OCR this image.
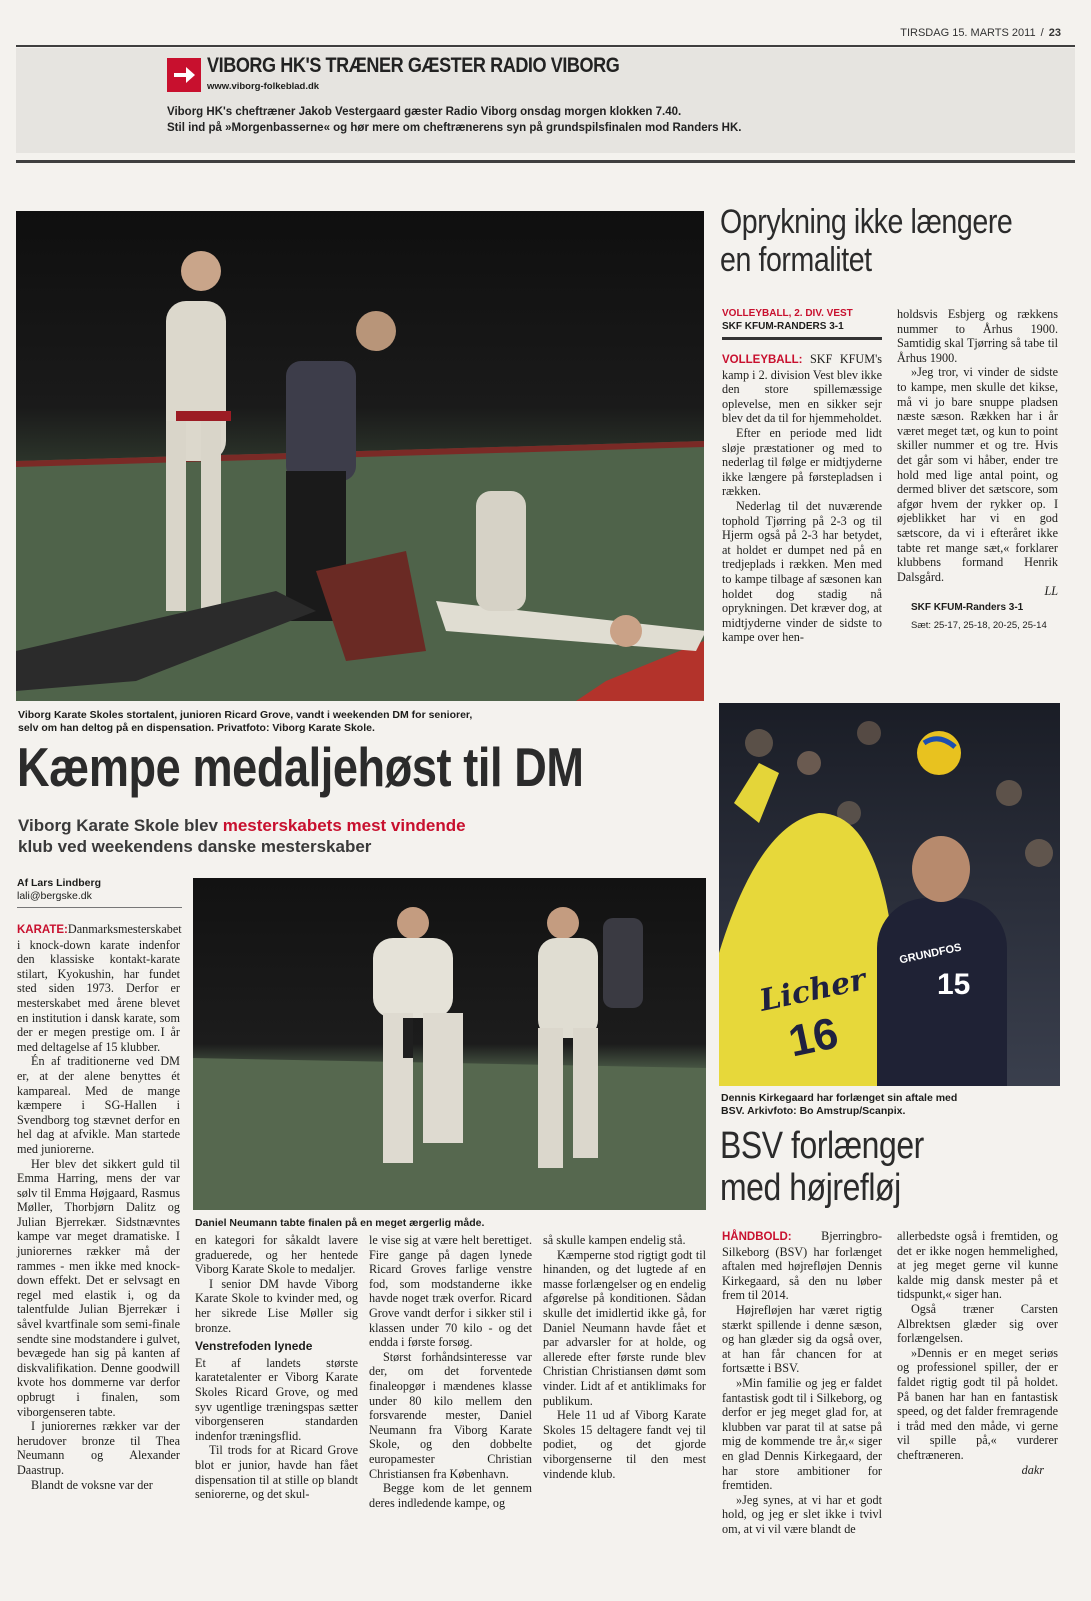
TIRSDAG 15. MARTS 2011 / 23
VIBORG HK'S TRÆNER GÆSTER RADIO VIBORG
www.viborg-folkeblad.dk
Viborg HK's cheftræner Jakob Vestergaard gæster Radio Viborg onsdag morgen klokken 7.40.
Stil ind på »Morgenbasserne« og hør mere om cheftrænerens syn på grundspilsfinalen mod Randers HK.
Viborg Karate Skoles stortalent, junioren Ricard Grove, vandt i weekenden DM for seniorer,
selv om han deltog på en dispensation. Privatfoto: Viborg Karate Skole.
Kæmpe medaljehøst til DM
Viborg Karate Skole blev mesterskabets mest vindende
klub ved weekendens danske mesterskaber
Af Lars Lindberg
lali@bergske.dk

KARATE:Danmarksmesterskabet i knock-down karate indenfor den klassiske kontakt-karate stilart, Kyokushin, har fundet sted siden 1973. Derfor er mesterskabet med årene blevet en institution i dansk karate, som der er megen prestige om. I år med deltagelse af 15 klubber.

Én af traditionerne ved DM er, at der alene benyttes ét kampareal. Med de mange kæmpere i SG-Hallen i Svendborg tog stævnet derfor en hel dag at afvikle. Man startede med juniorerne.

Her blev det sikkert guld til Emma Harring, mens der var sølv til Emma Højgaard, Rasmus Møller, Thorbjørn Dalitz og Julian Bjerrekær. Sidstnævntes kampe var meget dramatiske. I juniorernes rækker må der rammes - men ikke med knock-down effekt. Det er selvsagt en regel med elastik i, og da talentfulde Julian Bjerrekær i såvel kvartfinale som semi-finale sendte sine modstandere i gulvet, bevægede han sig på kanten af diskvalifikation. Denne goodwill kvote hos dommerne var derfor opbrugt i finalen, som viborgenseren tabte.

I juniorernes rækker var der herudover bronze til Thea Neumann og Alexander Daastrup.

Blandt de voksne var der

Daniel Neumann tabte finalen på en meget ærgerlig måde.

en kategori for såkaldt lavere graduerede, og her hentede Viborg Karate Skole to medaljer.

I senior DM havde Viborg Karate Skole to kvinder med, og her sikrede Lise Møller sig bronze.

Venstrefoden lynede

Et af landets største karatetalenter er Viborg Karate Skoles Ricard Grove, og med syv ugentlige træningspas sætter viborgenseren standarden indenfor træningsflid.

Til trods for at Ricard Grove blot er junior, havde han fået dispensation til at stille op blandt seniorerne, og det skul-

le vise sig at være helt berettiget. Fire gange på dagen lynede Ricard Groves farlige venstre fod, som modstanderne ikke havde noget træk overfor. Ricard Grove vandt derfor i sikker stil i klassen under 70 kilo - og det endda i første forsøg.

Størst forhåndsinteresse var der, om det forventede finaleopgør i mændenes klasse under 80 kilo mellem den forsvarende mester, Daniel Neumann fra Viborg Karate Skole, og den dobbelte europamester Christian Christiansen fra København.

Begge kom de let gennem deres indledende kampe, og

så skulle kampen endelig stå.

Kæmperne stod rigtigt godt til hinanden, og det lugtede af en masse forlængelser og en endelig afgørelse på konditionen. Sådan skulle det imidlertid ikke gå, for Daniel Neumann havde fået et par advarsler for at holde, og allerede efter første runde blev Christian Christiansen dømt som vinder. Lidt af et antiklimaks for publikum.

Hele 11 ud af Viborg Karate Skoles 15 deltagere fandt vej til podiet, og det gjorde viborgenserne til den mest vindende klub.

Oprykning ikke længere
en formalitet
VOLLEYBALL, 2. DIV. VEST
SKF KFUM-RANDERS 3-1

VOLLEYBALL: SKF KFUM's kamp i 2. division Vest blev ikke den store spillemæssige oplevelse, men en sikker sejr blev det da til for hjemmeholdet.

Efter en periode med lidt sløje præstationer og med to nederlag til følge er midtjyderne ikke længere på førstepladsen i rækken.

Nederlag til det nuværende tophold Tjørring på 2-3 og til Hjerm også på 2-3 har betydet, at holdet er dumpet ned på en tredjeplads i rækken. Men med to kampe tilbage af sæsonen kan holdet dog stadig nå oprykningen. Det kræver dog, at midtjyderne vinder de sidste to kampe over hen-

holdsvis Esbjerg og rækkens nummer to Århus 1900. Samtidig skal Tjørring så tabe til Århus 1900.

»Jeg tror, vi vinder de sidste to kampe, men skulle det kikse, må vi jo bare snuppe pladsen næste sæson. Rækken har i år været meget tæt, og kun to point skiller nummer et og tre. Hvis det går som vi håber, ender tre hold med lige antal point, og dermed bliver det sætscore, som afgør hvem der rykker op. I øjeblikket har vi en god sætscore, da vi i efteråret ikke tabte ret mange sæt,« forklarer klubbens formand Henrik Dalsgård.

LL
SKF KFUM-Randers 3-1
Sæt: 25-17, 25-18, 20-25, 25-14
Licher
16
GRUNDFOS
15
Dennis Kirkegaard har forlænget sin aftale med
BSV. Arkivfoto: Bo Amstrup/Scanpix.
BSV forlænger
med højrefløj

HÅNDBOLD: Bjerringbro-Silkeborg (BSV) har forlænget aftalen med højrefløjen Dennis Kirkegaard, så den nu løber frem til 2014.

Højrefløjen har været rigtig stærkt spillende i denne sæson, og han glæder sig da også over, at han får chancen for at fortsætte i BSV.

»Min familie og jeg er faldet fantastisk godt til i Silkeborg, og derfor er jeg meget glad for, at klubben var parat til at satse på mig de kommende tre år,« siger en glad Dennis Kirkegaard, der har store ambitioner for fremtiden.

»Jeg synes, at vi har et godt hold, og jeg er slet ikke i tvivl om, at vi vil være blandt de

allerbedste også i fremtiden, og det er ikke nogen hemmelighed, at jeg meget gerne vil kunne kalde mig dansk mester på et tidspunkt,« siger han.

Også træner Carsten Albrektsen glæder sig over forlængelsen.

»Dennis er en meget seriøs og professionel spiller, der er faldet rigtig godt til på holdet. På banen har han en fantastisk speed, og det falder fremragende i tråd med den måde, vi gerne vil spille på,« vurderer cheftræneren.

dakr
